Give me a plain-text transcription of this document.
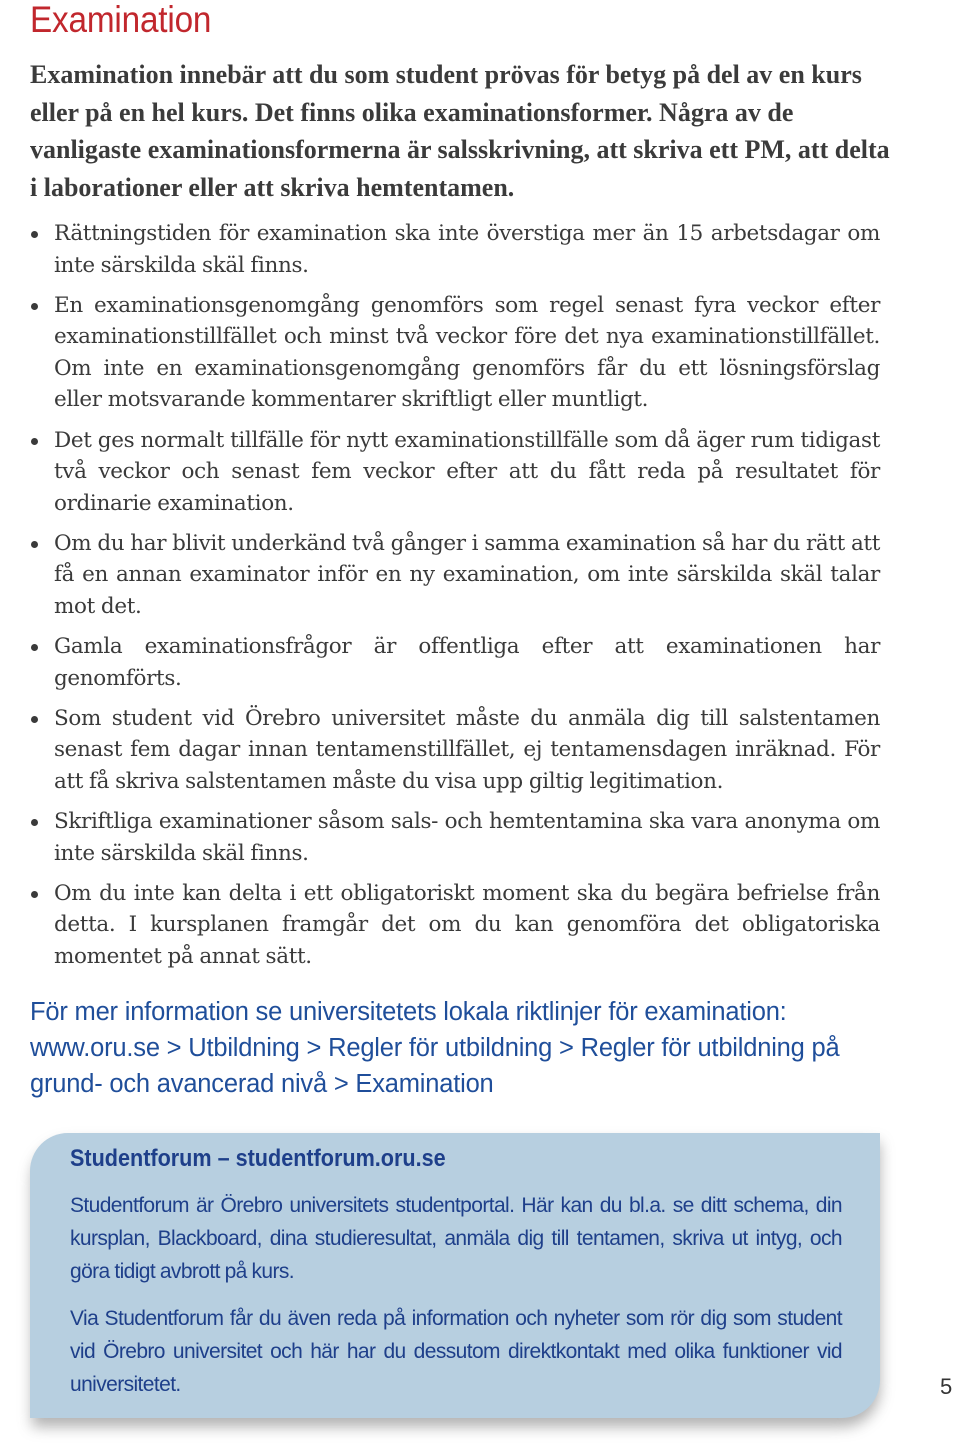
Examination

Examination innebär att du som student prövas för betyg på del av en kurs eller på en hel kurs. Det finns olika examinationsformer. Några av de vanligaste examinationsformerna är salsskrivning, att skriva ett PM, att delta i laborationer eller att skriva hemtentamen.

Rättningstiden för examination ska inte överstiga mer än 15 arbetsdagar om inte särskilda skäl finns.
En examinationsgenomgång genomförs som regel senast fyra veckor efter examinationstillfället och minst två veckor före det nya examinationstillfället. Om inte en examinationsgenomgång genomförs får du ett lösningsförslag eller motsvarande kommentarer skriftligt eller muntligt.
Det ges normalt tillfälle för nytt examinationstillfälle som då äger rum tidigast två veckor och senast fem veckor efter att du fått reda på resultatet för ordinarie examination.
Om du har blivit underkänd två gånger i samma examination så har du rätt att få en annan examinator inför en ny examination, om inte särskilda skäl talar mot det.
Gamla examinationsfrågor är offentliga efter att examinationen har genomförts.
Som student vid Örebro universitet måste du anmäla dig till salstentamen senast fem dagar innan tentamenstillfället, ej tentamensdagen inräknad. För att få skriva salstentamen måste du visa upp giltig legitimation.
Skriftliga examinationer såsom sals- och hemtentamina ska vara anonyma om inte särskilda skäl finns.
Om du inte kan delta i ett obligatoriskt moment ska du begära befrielse från detta. I kursplanen framgår det om du kan genomföra det obligatoriska momentet på annat sätt.

För mer information se universitetets lokala riktlinjer för examination: www.oru.se > Utbildning > Regler för utbildning > Regler för utbildning på grund- och avancerad nivå > Examination

Studentforum – studentforum.oru.se

Studentforum är Örebro universitets studentportal. Här kan du bl.a. se ditt schema, din kursplan, Blackboard, dina studieresultat, anmäla dig till tentamen, skriva ut intyg, och göra tidigt avbrott på kurs.

Via Studentforum får du även reda på information och nyheter som rör dig som student vid Örebro universitet och här har du dessutom direktkontakt med olika funktioner vid universitetet.	5
